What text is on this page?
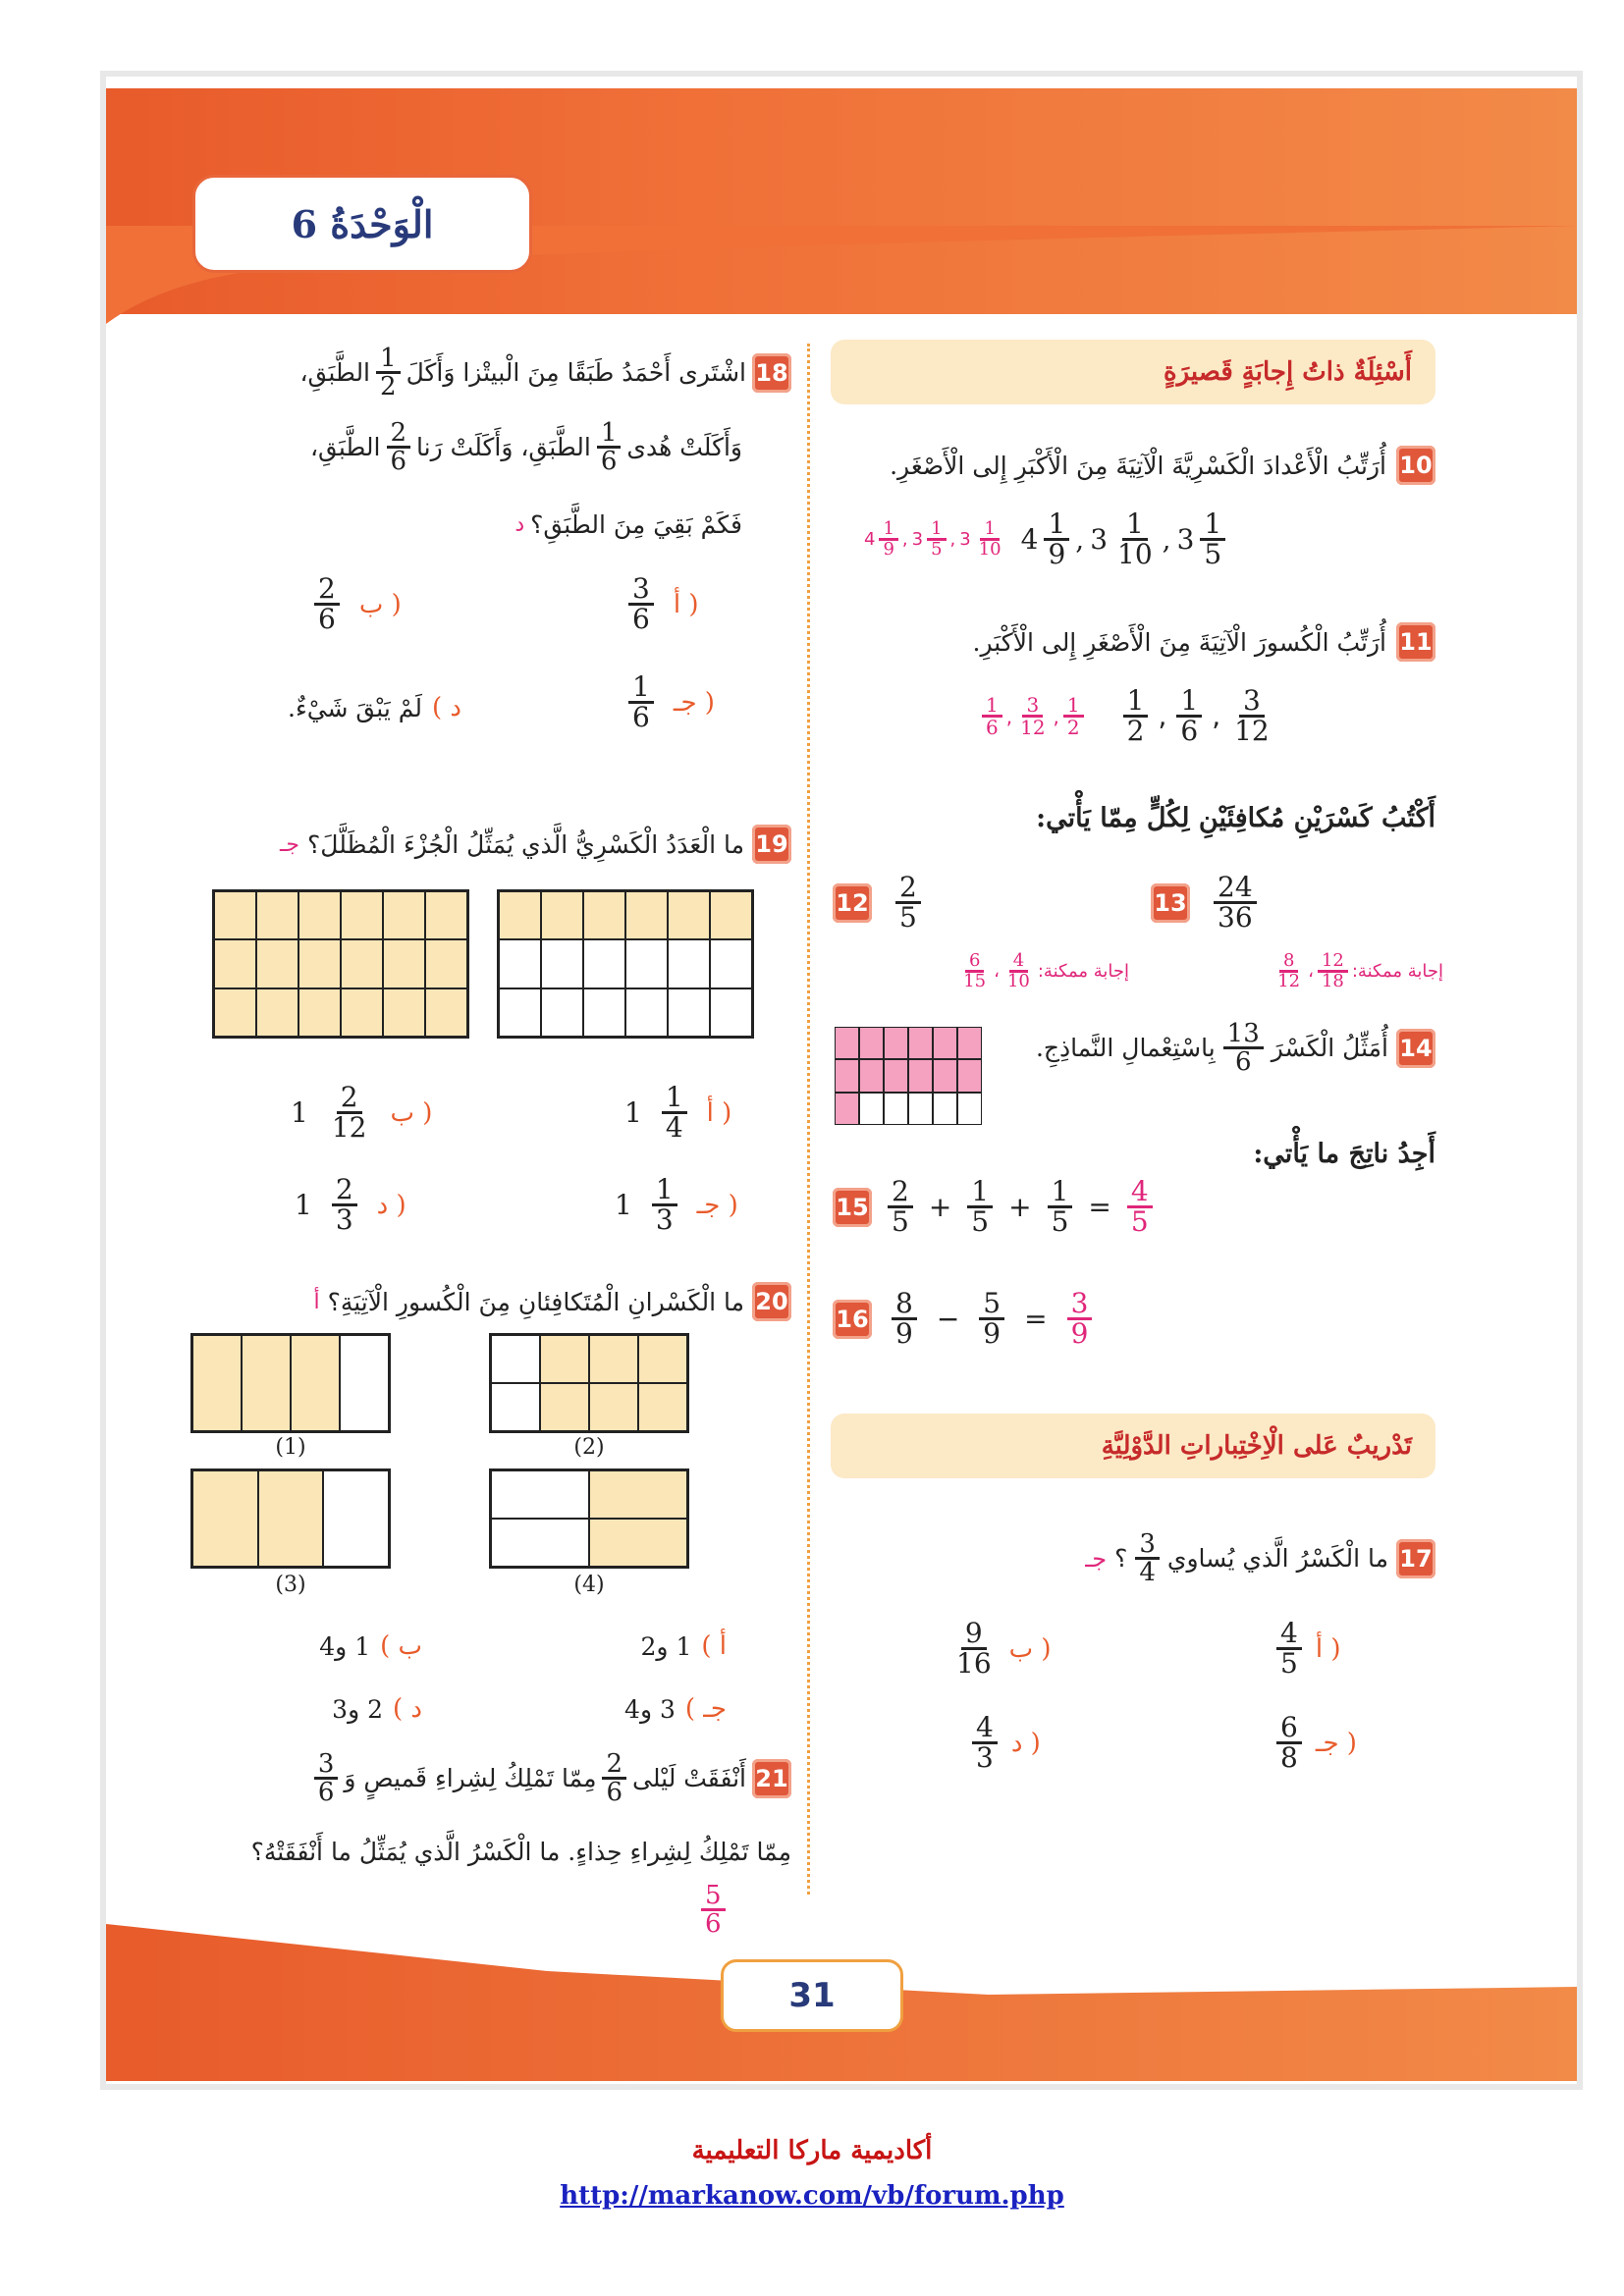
الْوَحْدَةُ 6
أَسْئِلَةٌ ذاتُ إِجابَةٍ قَصيرَةٍ
10
أُرَتِّبُ الْأَعْدادَ الْكَسْرِيَّةَ الْآتِيَةَ مِنَ الْأَكْبَرِ إِلى الْأَصْغَرِ.
$4 \frac{1}{9}$ , $3 \frac{1}{5}$ , $3 \frac{1}{10} 4 \frac{1}{9}$ , $3 \frac{1}{10}$ , $3 \frac{1}{5}$
11
أُرَتِّبُ الْكُسورَ الْآتِيَةَ مِنَ الْأَصْغَرِ إِلى الْأَكْبَرِ.
$\frac{1}{6}$ , $\frac{3}{12}$ , $\frac{1}{2} \frac{1}{2}$ , $\frac{1}{6}$ , $\frac{3}{12}$
أَكْتُبُ كَسْرَيْنِ مُكافِئَيْنِ لِكُلٍّ مِمّا يَأْتي:
$13 \frac{24}{36}$
إجابة ممكنة:
$\frac{12}{18}$
،
$\frac{8}{12}$
$12 \frac{2}{5}$
إجابة ممكنة:
$\frac{4}{10}$
،
$\frac{6}{15}$
14
أُمَثِّلُ الْكَسْرَ
$\frac{13}{6}$
بِاسْتِعْمالِ النَّماذِجِ.
أَجِدُ ناتِجَ ما يَأْتي:
$15 \frac{2}{5} + \frac{1}{5} + \frac{1}{5} = \frac{4}{5}$
$16 \frac{8}{9} - \frac{5}{9} = \frac{3}{9}$
تَدْريبٌ عَلى الْاِخْتِباراتِ الدَّوْلِيَّةِ
17
ما الْكَسْرُ الَّذي يُساوي
$\frac{3}{4}$
؟
جـ
$\frac{4}{5}$ أ )
$\frac{9}{16}$ ب )
$\frac{6}{8}$ جـ )
$\frac{4}{3}$ د )
18
اشْتَرى أَحْمَدُ طَبَقًا مِنَ الْبيتْزا وَأَكَلَ
$\frac{1}{2}$
الطَّبَقِ،
وَأَكَلَتْ هُدى
$\frac{1}{6}$
الطَّبَقِ، وَأَكَلَتْ رَنا
$\frac{2}{6}$
الطَّبَقِ،
فَكَمْ بَقِيَ مِنَ الطَّبَقِ؟
د
$\frac{3}{6}$ أ )
$\frac{2}{6}$ ب )
$\frac{1}{6}$ جـ )
د )
لَمْ يَبْقَ شَيْءٌ.
19
ما الْعَدَدُ الْكَسْرِيُّ الَّذي يُمَثِّلُ الْجُزْءَ الْمُظَلَّلَ؟
جـ
$1 \frac{1}{4}$ أ )
$1 \frac{2}{12}$ ب )
$1 \frac{1}{3}$ جـ )
$1 \frac{2}{3}$ د )
20
ما الْكَسْرانِ الْمُتَكافِئانِ مِنَ الْكُسورِ الْآتِيَةِ؟
أ
(1)	(2)
(3)	(4)
أ )
1 و2
ب )
1 و4
جـ )
3 و4
د )
2 و3
21
أَنْفَقَتْ لَيْلى
$\frac{2}{6}$
مِمّا تَمْلِكُ لِشِراءِ قَميصٍ وَ
$\frac{3}{6}$
مِمّا تَمْلِكُ لِشِراءِ حِذاءٍ. ما الْكَسْرُ الَّذي يُمَثِّلُ ما أَنْفَقَتْهُ؟
$\frac{5}{6}$
31
أكاديمية ماركا التعليمية
http://markanow.com/vb/forum.php
